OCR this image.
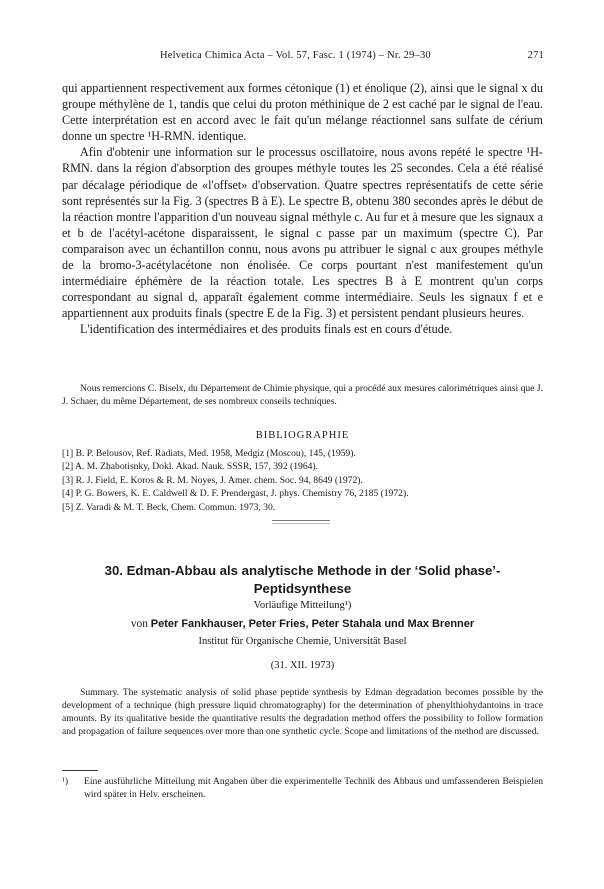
Helvetica Chimica Acta – Vol. 57, Fasc. 1 (1974) – Nr. 29–30	271

qui appartiennent respectivement aux formes cétonique (1) et énolique (2), ainsi que le signal x du groupe méthylène de 1, tandis que celui du proton méthinique de 2 est caché par le signal de l'eau. Cette interprétation est en accord avec le fait qu'un mélange réactionnel sans sulfate de cérium donne un spectre ¹H-RMN. identique.

Afin d'obtenir une information sur le processus oscillatoire, nous avons repété le spectre ¹H-RMN. dans la région d'absorption des groupes méthyle toutes les 25 secondes. Cela a été réalisé par décalage périodique de «l'offset» d'observation. Quatre spectres représentatifs de cette série sont représentés sur la Fig. 3 (spectres B à E). Le spectre B, obtenu 380 secondes après le début de la réaction montre l'apparition d'un nouveau signal méthyle c. Au fur et à mesure que les signaux a et b de l'acétyl-acétone disparaissent, le signal c passe par un maximum (spectre C). Par comparaison avec un échantillon connu, nous avons pu attribuer le signal c aux groupes méthyle de la bromo-3-acétylacétone non énolisée. Ce corps pourtant n'est manifestement qu'un intermédiaire éphémère de la réaction totale. Les spectres B à E montrent qu'un corps correspondant au signal d, apparaît également comme intermédiaire. Seuls les signaux f et e appartiennent aux produits finals (spectre E de la Fig. 3) et persistent pendant plusieurs heures.

L'identification des intermédiaires et des produits finals est en cours d'étude.

Nous remercions C. Biselx, du Département de Chimie physique, qui a procédé aux mesures calorimétriques ainsi que J. J. Schaer, du même Département, de ses nombreux conseils techniques.
BIBLIOGRAPHIE
[1] B. P. Belousov, Ref. Radiats, Med. 1958, Medgiz (Moscou), 145, (1959).
[2] A. M. Zhabotisnky, Dokl. Akad. Nauk. SSSR, 157, 392 (1964).
[3] R. J. Field, E. Koros & R. M. Noyes, J. Amer. chem. Soc. 94, 8649 (1972).
[4] P. G. Bowers, K. E. Caldwell & D. F. Prendergast, J. phys. Chemistry 76, 2185 (1972).
[5] Z. Varadi & M. T. Beck, Chem. Commun. 1973, 30.
30. Edman-Abbau als analytische Methode in der ‘Solid phase’-Peptidsynthese
Vorläufige Mitteilung¹)
von Peter Fankhauser, Peter Fries, Peter Stahala und Max Brenner
Institut für Organische Chemie, Universität Basel
(31. XII. 1973)
Summary. The systematic analysis of solid phase peptide synthesis by Edman degradation becomes possible by the development of a technique (high pressure liquid chromatography) for the determination of phenylthiohydantoins in trace amounts. By its qualitative beside the quantitative results the degradation method offers the possibility to follow formation and propagation of failure sequences over more than one synthetic cycle. Scope and limitations of the method are discussed.
¹)	Eine ausführliche Mitteilung mit Angaben über die experimentelle Technik des Abbaus und umfassenderen Beispielen wird später in Helv. erscheinen.
